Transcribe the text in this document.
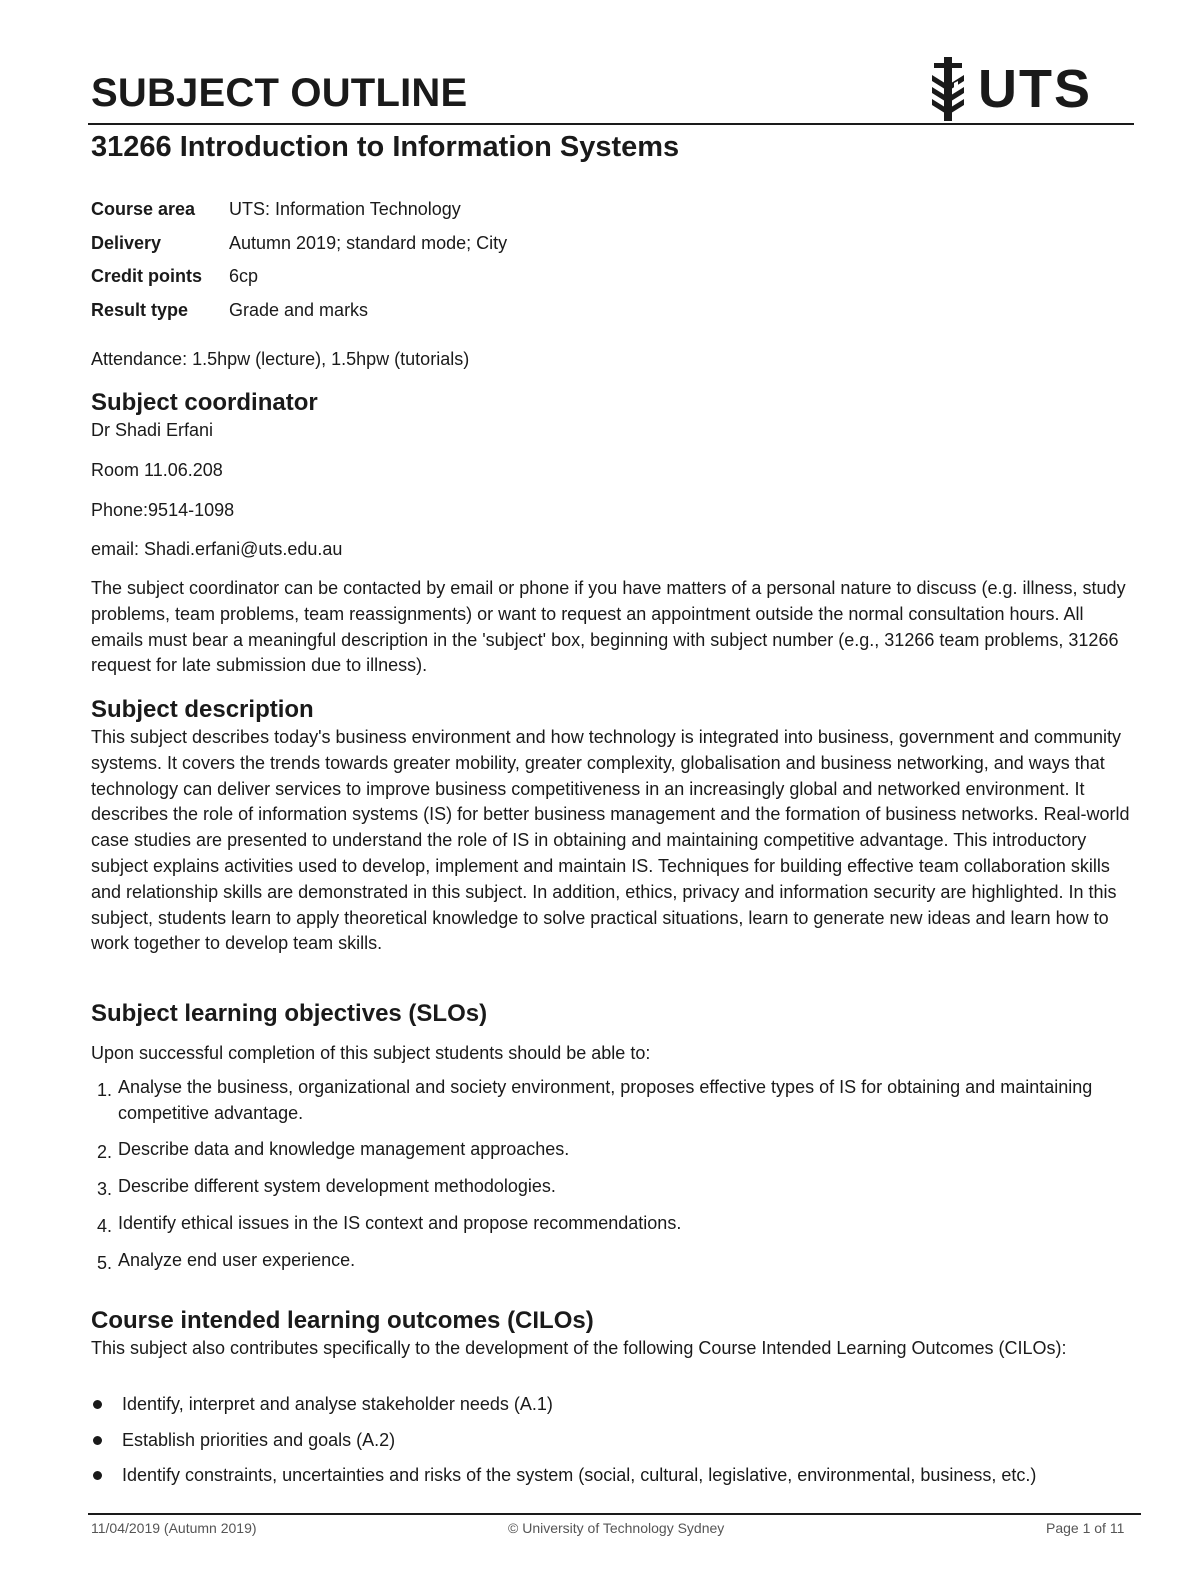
SUBJECT OUTLINE	UTS
31266 Introduction to Information Systems
Course area	UTS: Information Technology
Delivery	Autumn 2019; standard mode; City
Credit points	6cp
Result type	Grade and marks

Attendance: 1.5hpw (lecture), 1.5hpw (tutorials)

Subject coordinator

Dr Shadi Erfani

Room 11.06.208

Phone:9514-1098

email: Shadi.erfani@uts.edu.au

The subject coordinator can be contacted by email or phone if you have matters of a personal nature to discuss (e.g. illness, study problems, team problems, team reassignments) or want to request an appointment outside the normal consultation hours. All emails must bear a meaningful description in the 'subject' box, beginning with subject number (e.g., 31266 team problems, 31266 request for late submission due to illness).

Subject description

This subject describes today's business environment and how technology is integrated into business, government and community systems. It covers the trends towards greater mobility, greater complexity, globalisation and business networking, and ways that technology can deliver services to improve business competitiveness in an increasingly global and networked environment. It describes the role of information systems (IS) for better business management and the formation of business networks. Real-world case studies are presented to understand the role of IS in obtaining and maintaining competitive advantage. This introductory subject explains activities used to develop, implement and maintain IS. Techniques for building effective team collaboration skills and relationship skills are demonstrated in this subject. In addition, ethics, privacy and information security are highlighted. In this subject, students learn to apply theoretical knowledge to solve practical situations, learn to generate new ideas and learn how to work together to develop team skills.

Subject learning objectives (SLOs)

Upon successful completion of this subject students should be able to:

1. Analyse the business, organizational and society environment, proposes effective types of IS for obtaining and maintaining competitive advantage.
2. Describe data and knowledge management approaches.
3. Describe different system development methodologies.
4. Identify ethical issues in the IS context and propose recommendations.
5. Analyze end user experience.
Course intended learning outcomes (CILOs)

This subject also contributes specifically to the development of the following Course Intended Learning Outcomes (CILOs):

Identify, interpret and analyse stakeholder needs (A.1)
Establish priorities and goals (A.2)
Identify constraints, uncertainties and risks of the system (social, cultural, legislative, environmental, business, etc.)
11/04/2019 (Autumn 2019)	© University of Technology Sydney	Page 1 of 11
